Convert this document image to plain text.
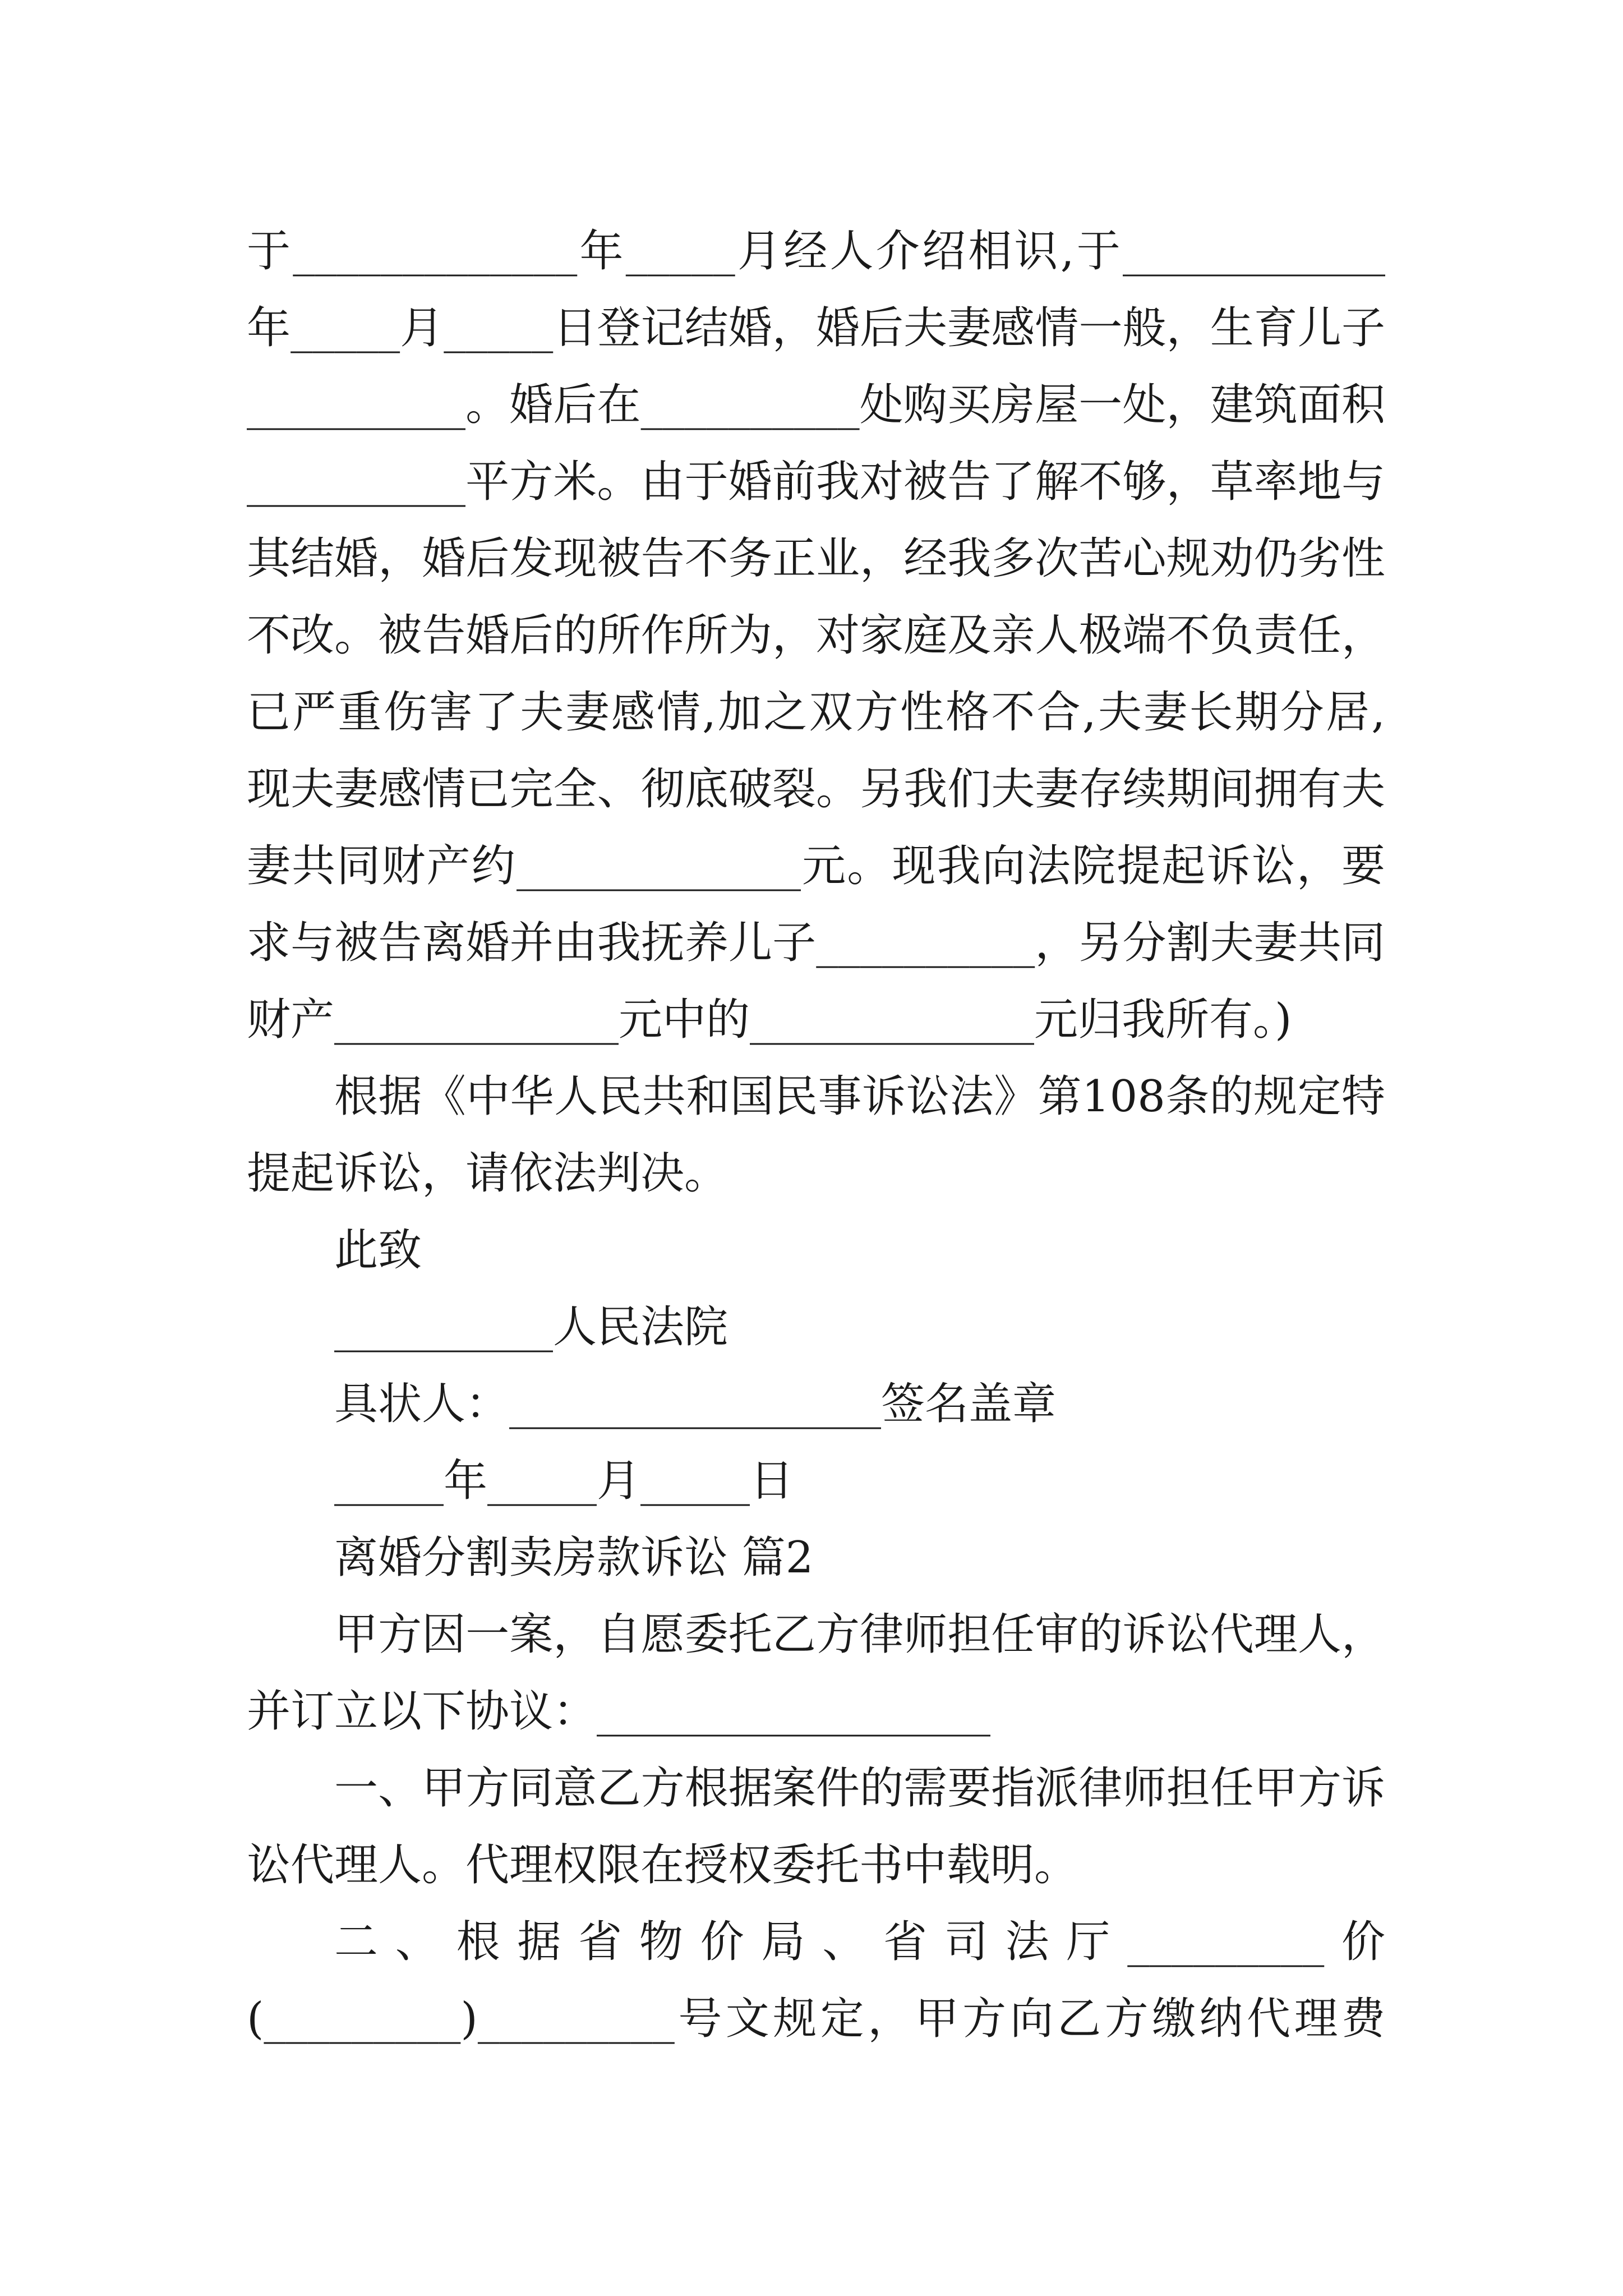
于_____________年_____月经人介绍相识,于____________

年_____月_____日登记结婚，婚后夫妻感情一般，生育儿子

__________。婚后在__________处购买房屋一处，建筑面积

__________平方米。由于婚前我对被告了解不够，草率地与

其结婚，婚后发现被告不务正业，经我多次苦心规劝仍劣性

不改。被告婚后的所作所为，对家庭及亲人极端不负责任，

已严重伤害了夫妻感情,加之双方性格不合,夫妻长期分居,

现夫妻感情已完全、彻底破裂。另我们夫妻存续期间拥有夫

妻共同财产约_____________元。现我向法院提起诉讼，要

求与被告离婚并由我抚养儿子__________，另分割夫妻共同

财产_____________元中的_____________元归我所有。)

根据《中华人民共和国民事诉讼法》第108条的规定特

提起诉讼，请依法判决。

此致

__________人民法院

具状人：_________________签名盖章

_____年_____月_____日

离婚分割卖房款诉讼 篇2

甲方因一案，自愿委托乙方律师担任审的诉讼代理人，

并订立以下协议：__________________

一、甲方同意乙方根据案件的需要指派律师担任甲方诉

讼代理人。代理权限在授权委托书中载明。

二、根据省物价局、省司法厅_________价

(_________)_________号文规定，甲方向乙方缴纳代理费
